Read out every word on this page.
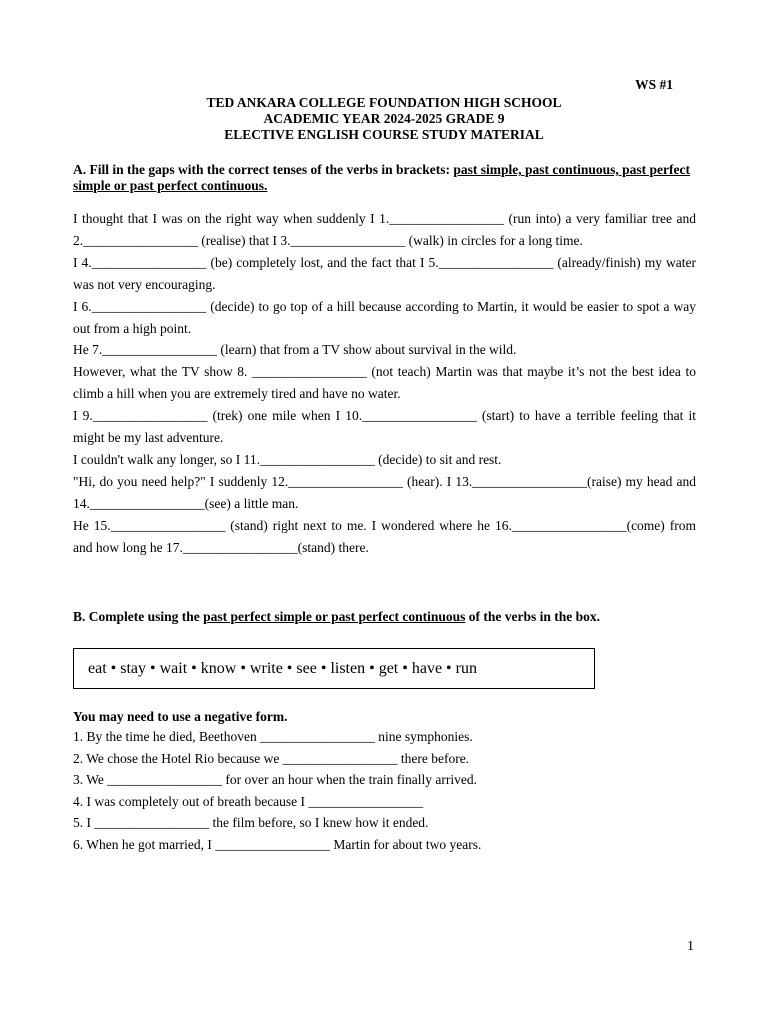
WS #1
TED ANKARA COLLEGE FOUNDATION HIGH SCHOOL
ACADEMIC YEAR 2024-2025 GRADE 9
ELECTIVE ENGLISH COURSE STUDY MATERIAL
A. Fill in the gaps with the correct tenses of the verbs in brackets: past simple, past continuous, past perfect simple or past perfect continuous.

I thought that I was on the right way when suddenly I 1._________________ (run into) a very familiar tree and 2._________________ (realise) that I 3._________________ (walk) in circles for a long time.

I 4._________________ (be) completely lost, and the fact that I 5._________________ (already/finish) my water was not very encouraging.

I 6._________________ (decide) to go top of a hill because according to Martin, it would be easier to spot a way out from a high point.

He 7._________________ (learn) that from a TV show about survival in the wild.

However, what the TV show 8. _________________ (not teach) Martin was that maybe it’s not the best idea to climb a hill when you are extremely tired and have no water.

I 9._________________ (trek) one mile when I 10._________________ (start) to have a terrible feeling that it might be my last adventure.

I couldn't walk any longer, so I 11._________________ (decide) to sit and rest.

"Hi, do you need help?" I suddenly 12._________________ (hear). I 13._________________(raise) my head and 14._________________(see) a little man.

He 15._________________ (stand) right next to me. I wondered where he 16._________________(come) from and how long he 17._________________(stand) there.

B. Complete using the past perfect simple or past perfect continuous of the verbs in the box.
eat • stay • wait • know • write • see • listen • get • have • run
You may need to use a negative form.
1. By the time he died, Beethoven _________________ nine symphonies.
2. We chose the Hotel Rio because we _________________ there before.
3. We _________________ for over an hour when the train finally arrived.
4. I was completely out of breath because I _________________
5. I _________________ the film before, so I knew how it ended.
6. When he got married, I _________________ Martin for about two years.
1
